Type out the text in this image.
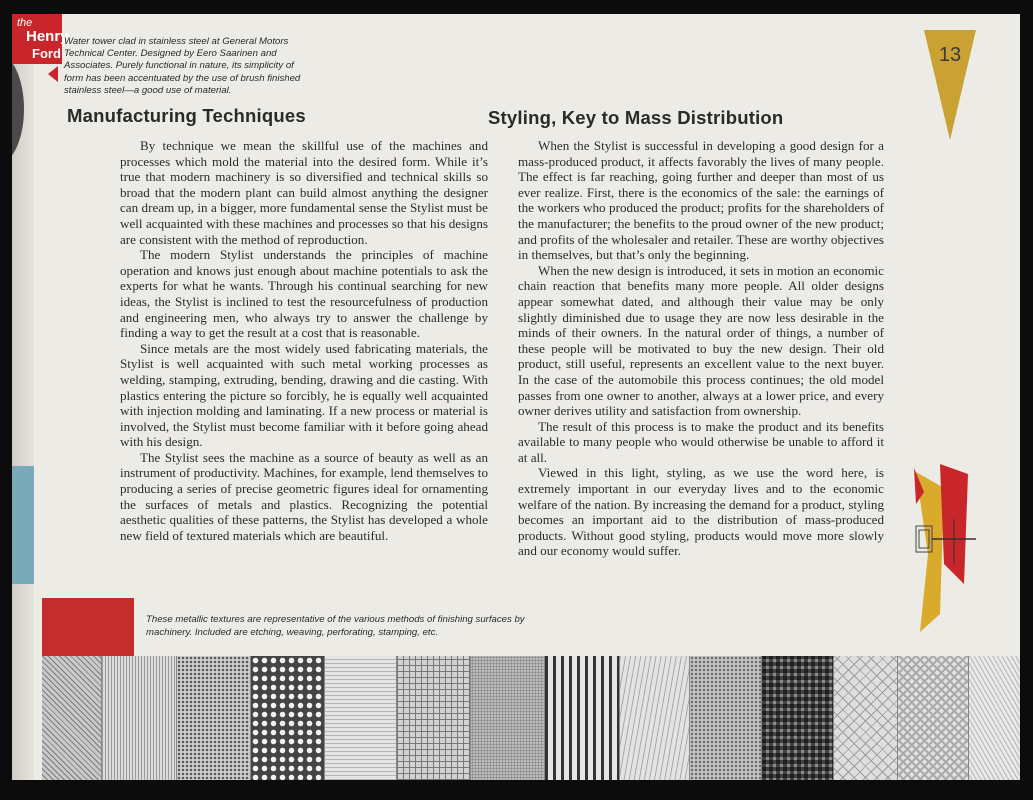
the
Henry
Ford

Water tower clad in stainless steel at General Motors Technical Center. Designed by Eero Saarinen and Associates. Purely functional in nature, its simplicity of form has been accentuated by the use of brush finished stainless steel—a good use of material.

13
Manufacturing Techniques	Styling, Key to Mass Distribution

By technique we mean the skillful use of the machines and processes which mold the material into the desired form. While it’s true that modern machinery is so diversified and technical skills so broad that the modern plant can build almost anything the designer can dream up, in a bigger, more fundamental sense the Stylist must be well acquainted with these machines and processes so that his designs are consistent with the method of reproduction.

The modern Stylist understands the principles of machine operation and knows just enough about machine potentials to ask the experts for what he wants. Through his continual searching for new ideas, the Stylist is inclined to test the resourcefulness of production and engineering men, who always try to answer the challenge by finding a way to get the result at a cost that is reasonable.

Since metals are the most widely used fabricating materials, the Stylist is well acquainted with such metal working processes as welding, stamping, extruding, bending, drawing and die casting. With plastics entering the picture so forcibly, he is equally well acquainted with injection molding and laminating. If a new process or material is involved, the Stylist must become familiar with it before going ahead with his design.

The Stylist sees the machine as a source of beauty as well as an instrument of productivity. Machines, for example, lend themselves to producing a series of precise geometric figures ideal for ornamenting the surfaces of metals and plastics. Recognizing the potential aesthetic qualities of these patterns, the Stylist has developed a whole new field of textured materials which are beautiful.

When the Stylist is successful in developing a good design for a mass-produced product, it affects favorably the lives of many people. The effect is far reaching, going further and deeper than most of us ever realize. First, there is the economics of the sale: the earnings of the workers who produced the product; profits for the shareholders of the manufacturer; the benefits to the proud owner of the new product; and profits of the wholesaler and retailer. These are worthy objectives in themselves, but that’s only the beginning.

When the new design is introduced, it sets in motion an economic chain reaction that benefits many more people. All older designs appear somewhat dated, and although their value may be only slightly diminished due to usage they are now less desirable in the minds of their owners. In the natural order of things, a number of these people will be motivated to buy the new design. Their old product, still useful, represents an excellent value to the next buyer. In the case of the automobile this process continues; the old model passes from one owner to another, always at a lower price, and every owner derives utility and satisfaction from ownership.

The result of this process is to make the product and its benefits available to many people who would otherwise be unable to afford it at all.

Viewed in this light, styling, as we use the word here, is extremely important in our everyday lives and to the economic welfare of the nation. By increasing the demand for a product, styling becomes an important aid to the distribution of mass-produced products. Without good styling, products would move more slowly and our economy would suffer.

These metallic textures are representative of the various methods of finishing surfaces by machinery. Included are etching, weaving, perforating, stamping, etc.
